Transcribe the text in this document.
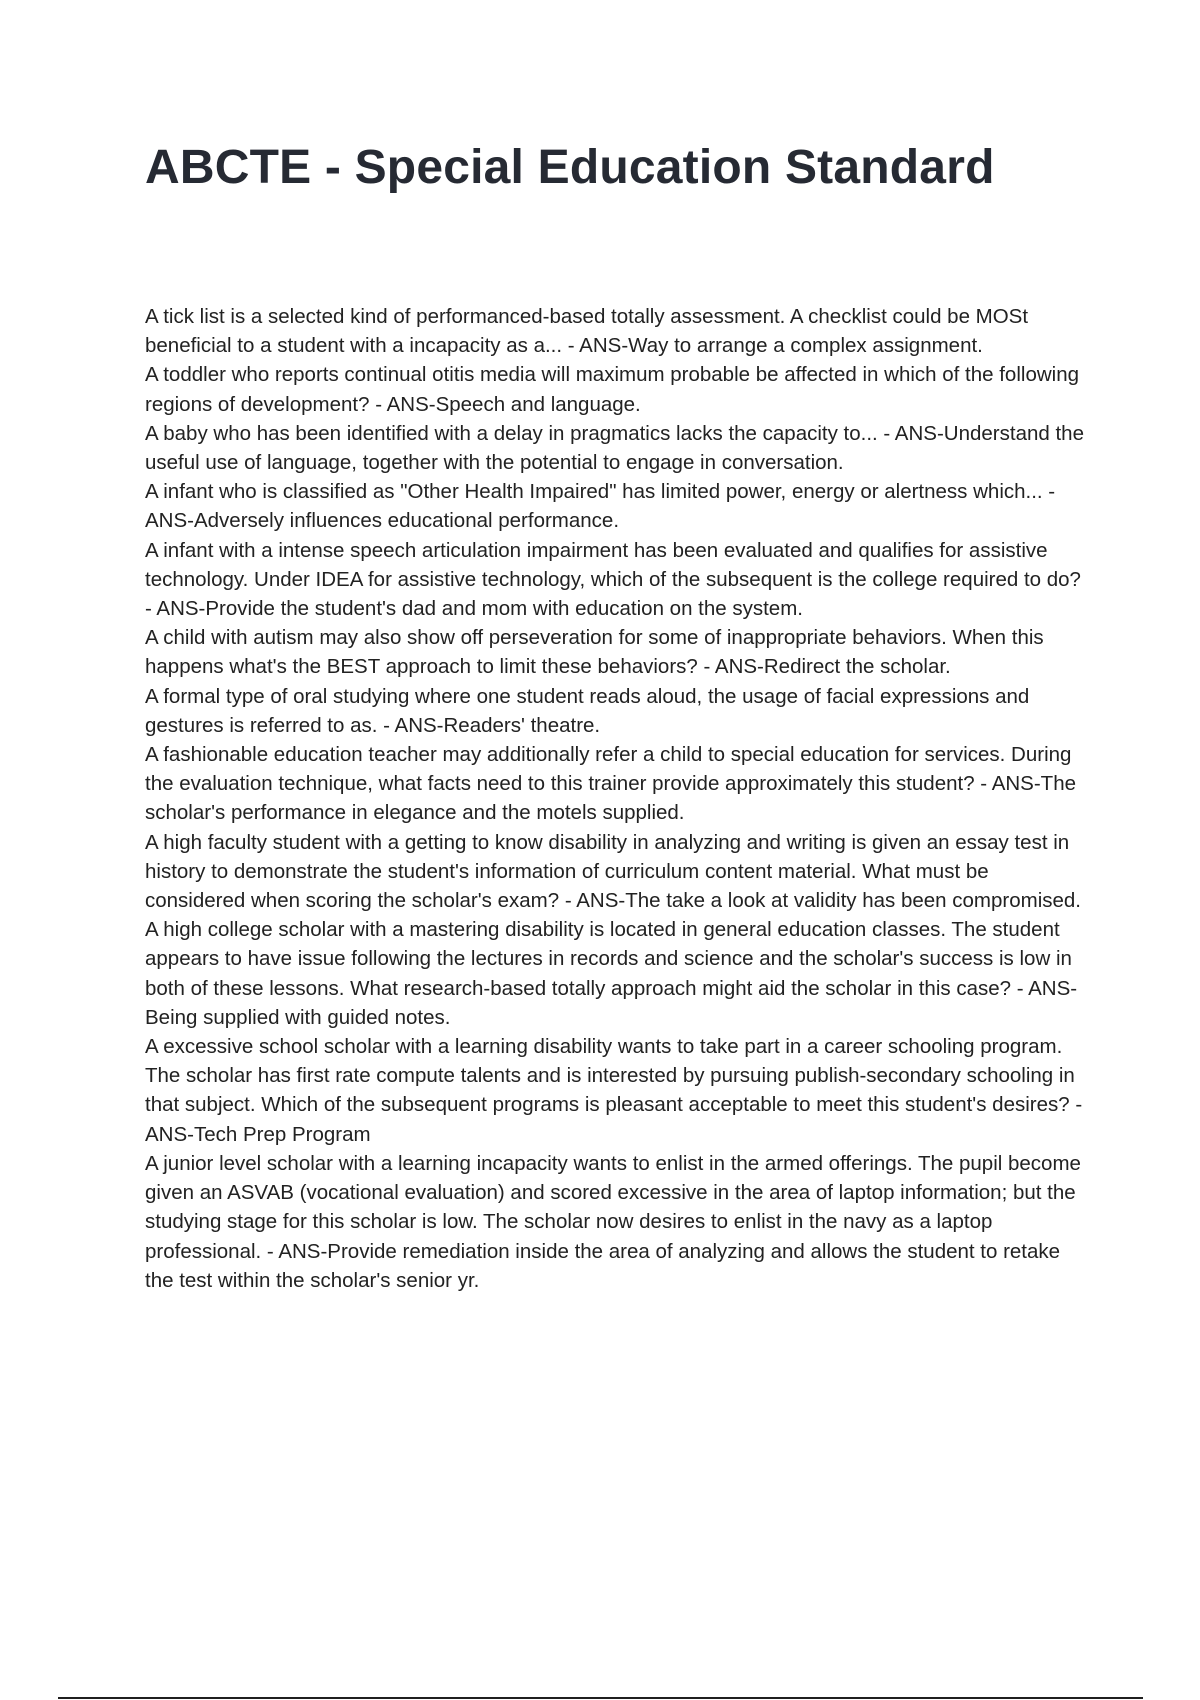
ABCTE - Special Education Standard
A tick list is a selected kind of performanced-based totally assessment. A checklist could be MOSt beneficial to a student with a incapacity as a... - ANS-Way to arrange a complex assignment.
A toddler who reports continual otitis media will maximum probable be affected in which of the following regions of development? - ANS-Speech and language.
A baby who has been identified with a delay in pragmatics lacks the capacity to... - ANS-Understand the useful use of language, together with the potential to engage in conversation.
A infant who is classified as "Other Health Impaired" has limited power, energy or alertness which... - ANS-Adversely influences educational performance.
A infant with a intense speech articulation impairment has been evaluated and qualifies for assistive technology. Under IDEA for assistive technology, which of the subsequent is the college required to do? - ANS-Provide the student's dad and mom with education on the system.
A child with autism may also show off perseveration for some of inappropriate behaviors. When this happens what's the BEST approach to limit these behaviors? - ANS-Redirect the scholar.
A formal type of oral studying where one student reads aloud, the usage of facial expressions and gestures is referred to as. - ANS-Readers' theatre.
A fashionable education teacher may additionally refer a child to special education for services. During the evaluation technique, what facts need to this trainer provide approximately this student? - ANS-The scholar's performance in elegance and the motels supplied.
A high faculty student with a getting to know disability in analyzing and writing is given an essay test in history to demonstrate the student's information of curriculum content material. What must be considered when scoring the scholar's exam? - ANS-The take a look at validity has been compromised.
A high college scholar with a mastering disability is located in general education classes. The student appears to have issue following the lectures in records and science and the scholar's success is low in both of these lessons. What research-based totally approach might aid the scholar in this case? - ANS-Being supplied with guided notes.
A excessive school scholar with a learning disability wants to take part in a career schooling program. The scholar has first rate compute talents and is interested by pursuing publish-secondary schooling in that subject. Which of the subsequent programs is pleasant acceptable to meet this student's desires? - ANS-Tech Prep Program
A junior level scholar with a learning incapacity wants to enlist in the armed offerings. The pupil become given an ASVAB (vocational evaluation) and scored excessive in the area of laptop information; but the studying stage for this scholar is low. The scholar now desires to enlist in the navy as a laptop professional. - ANS-Provide remediation inside the area of analyzing and allows the student to retake the test within the scholar's senior yr.
